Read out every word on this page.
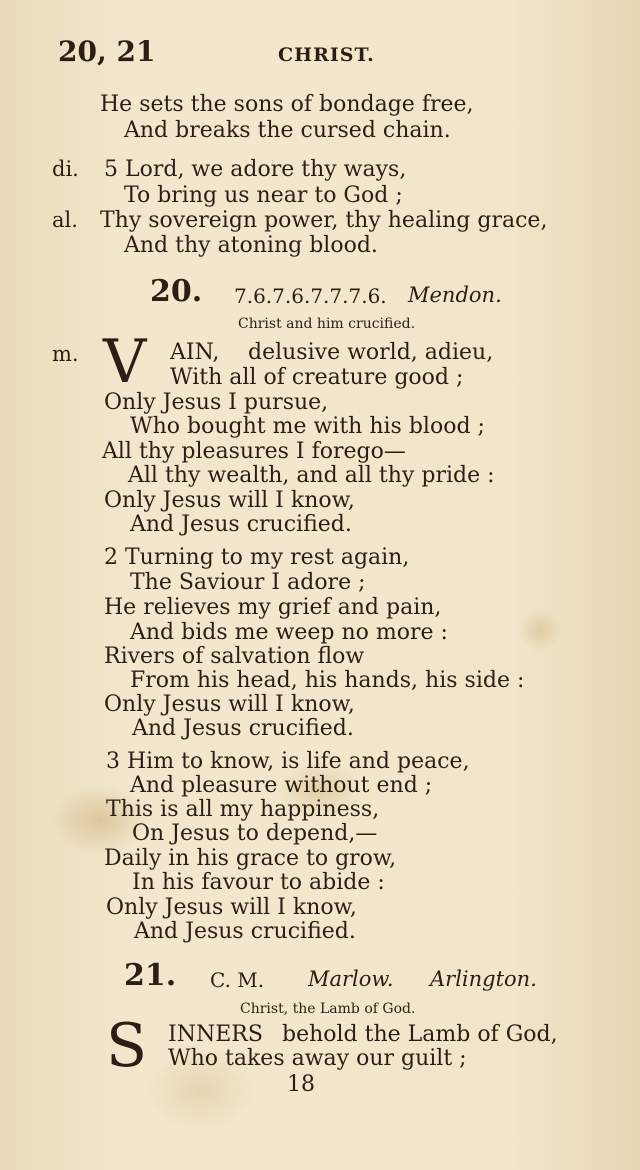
20, 21	CHRIST.
He sets the sons of bondage free,
And breaks the cursed chain.
di. 5 Lord, we adore thy ways,
To bring us near to God ;
al. Thy sovereign power, thy healing grace,
And thy atoning blood.
20. 7.6.7.6.7.7.7.6. Mendon.
Christ and him crucified.
m. V AIN, delusive world, adieu,
With all of creature good ;
Only Jesus I pursue,
Who bought me with his blood ;
All thy pleasures I forego—
All thy wealth, and all thy pride :
Only Jesus will I know,
And Jesus crucified.
2 Turning to my rest again,
The Saviour I adore ;
He relieves my grief and pain,
And bids me weep no more :
Rivers of salvation flow
From his head, his hands, his side :
Only Jesus will I know,
And Jesus crucified.
3 Him to know, is life and peace,
And pleasure without end ;
This is all my happiness,
On Jesus to depend,—
Daily in his grace to grow,
In his favour to abide :
Only Jesus will I know,
And Jesus crucified.
21. C. M. Marlow. Arlington.
Christ, the Lamb of God.
S INNERS behold the Lamb of God,
Who takes away our guilt ;
18
